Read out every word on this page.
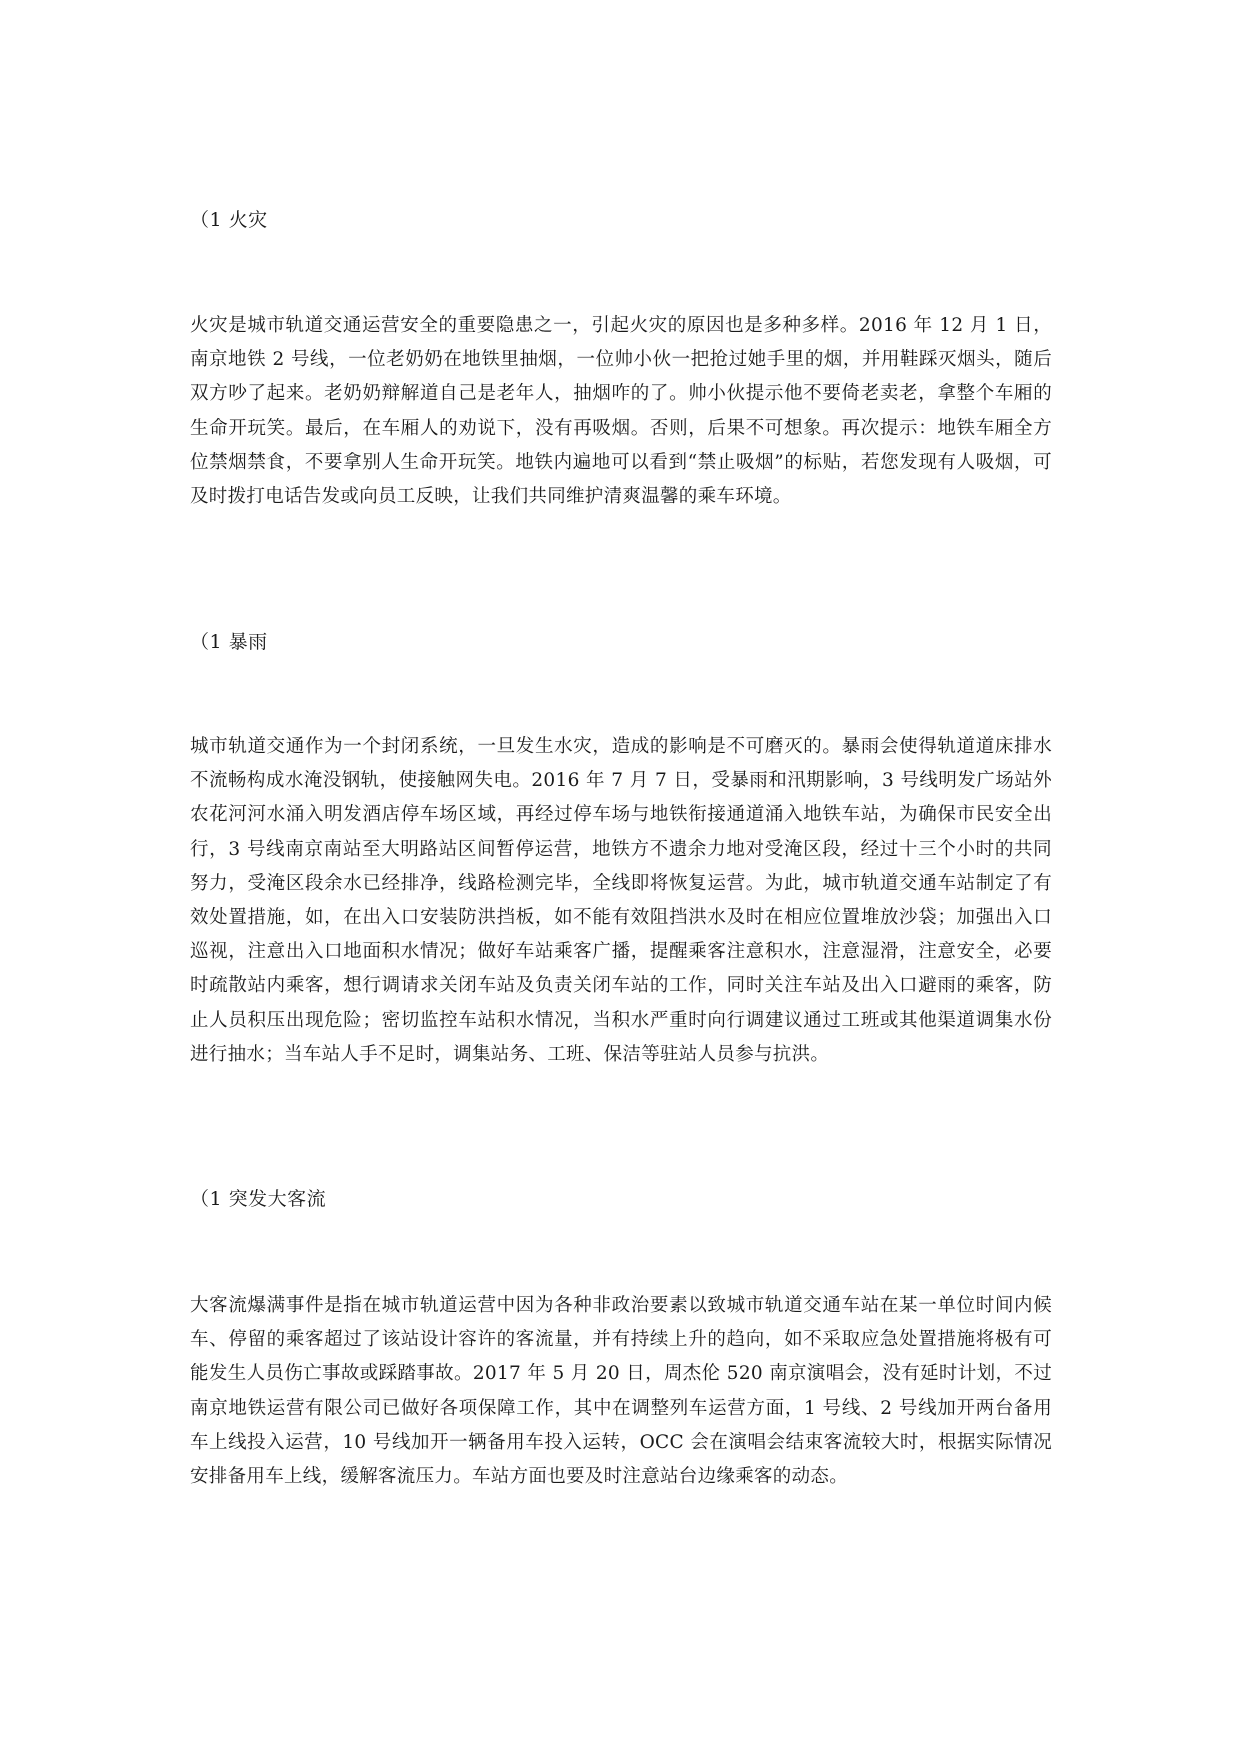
（1 火灾

火灾是城市轨道交通运营安全的重要隐患之一，引起火灾的原因也是多种多样。2016 年 12 月 1 日，南京地铁 2 号线，一位老奶奶在地铁里抽烟，一位帅小伙一把抢过她手里的烟，并用鞋踩灭烟头，随后双方吵了起来。老奶奶辩解道自己是老年人，抽烟咋的了。帅小伙提示他不要倚老卖老，拿整个车厢的生命开玩笑。最后，在车厢人的劝说下，没有再吸烟。否则，后果不可想象。再次提示：地铁车厢全方位禁烟禁食，不要拿别人生命开玩笑。地铁内遍地可以看到“禁止吸烟”的标贴，若您发现有人吸烟，可及时拨打电话告发或向员工反映，让我们共同维护清爽温馨的乘车环境。

（1 暴雨

城市轨道交通作为一个封闭系统，一旦发生水灾，造成的影响是不可磨灭的。暴雨会使得轨道道床排水不流畅构成水淹没钢轨，使接触网失电。2016 年 7 月 7 日，受暴雨和汛期影响，3 号线明发广场站外农花河河水涌入明发酒店停车场区域，再经过停车场与地铁衔接通道涌入地铁车站，为确保市民安全出行，3 号线南京南站至大明路站区间暂停运营，地铁方不遗余力地对受淹区段，经过十三个小时的共同努力，受淹区段余水已经排净，线路检测完毕，全线即将恢复运营。为此，城市轨道交通车站制定了有效处置措施，如，在出入口安装防洪挡板，如不能有效阻挡洪水及时在相应位置堆放沙袋；加强出入口巡视，注意出入口地面积水情况；做好车站乘客广播，提醒乘客注意积水，注意湿滑，注意安全，必要时疏散站内乘客，想行调请求关闭车站及负责关闭车站的工作，同时关注车站及出入口避雨的乘客，防止人员积压出现危险；密切监控车站积水情况，当积水严重时向行调建议通过工班或其他渠道调集水份进行抽水；当车站人手不足时，调集站务、工班、保洁等驻站人员参与抗洪。

（1 突发大客流

大客流爆满事件是指在城市轨道运营中因为各种非政治要素以致城市轨道交通车站在某一单位时间内候车、停留的乘客超过了该站设计容许的客流量，并有持续上升的趋向，如不采取应急处置措施将极有可能发生人员伤亡事故或踩踏事故。2017 年 5 月 20 日，周杰伦 520 南京演唱会，没有延时计划，不过南京地铁运营有限公司已做好各项保障工作，其中在调整列车运营方面，1 号线、2 号线加开两台备用车上线投入运营，10 号线加开一辆备用车投入运转，OCC 会在演唱会结束客流较大时，根据实际情况安排备用车上线，缓解客流压力。车站方面也要及时注意站台边缘乘客的动态。
